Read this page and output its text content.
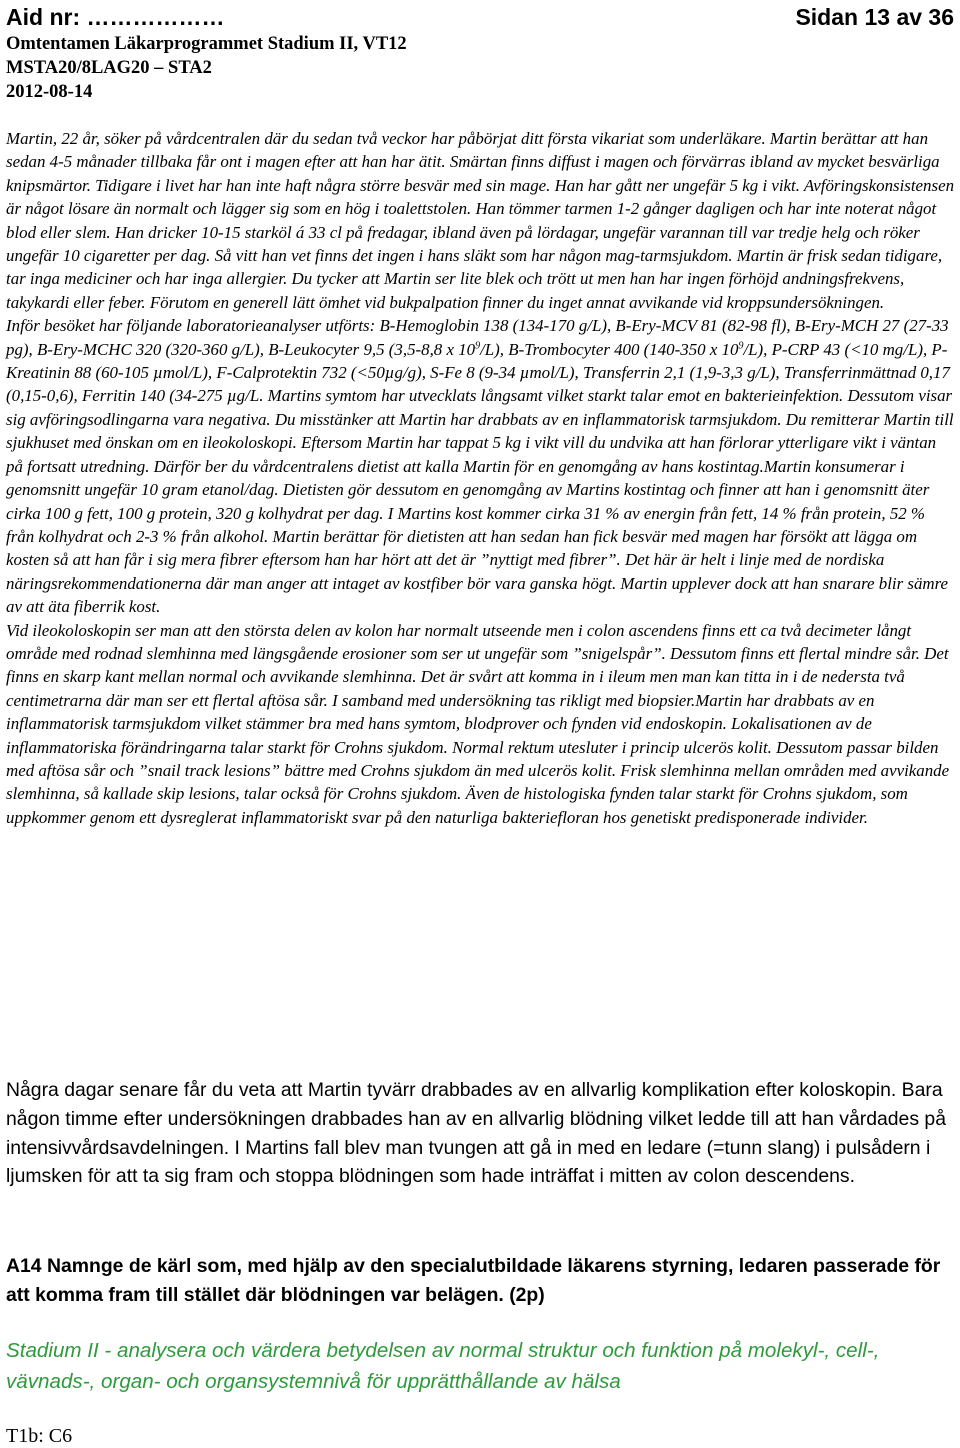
Aid nr: ………………	Sidan 13 av 36
Omtentamen Läkarprogrammet Stadium II, VT12
MSTA20/8LAG20 – STA2
2012-08-14

Martin, 22 år, söker på vårdcentralen där du sedan två veckor har påbörjat ditt första vikariat som underläkare. Martin berättar att han sedan 4-5 månader tillbaka får ont i magen efter att han har ätit. Smärtan finns diffust i magen och förvärras ibland av mycket besvärliga knipsmärtor. Tidigare i livet har han inte haft några större besvär med sin mage. Han har gått ner ungefär 5 kg i vikt. Avföringskonsistensen är något lösare än normalt och lägger sig som en hög i toalettstolen. Han tömmer tarmen 1-2 gånger dagligen och har inte noterat något blod eller slem. Han dricker 10-15 starköl á 33 cl på fredagar, ibland även på lördagar, ungefär varannan till var tredje helg och röker ungefär 10 cigaretter per dag. Så vitt han vet finns det ingen i hans släkt som har någon mag-tarmsjukdom. Martin är frisk sedan tidigare, tar inga mediciner och har inga allergier. Du tycker att Martin ser lite blek och trött ut men han har ingen förhöjd andningsfrekvens, takykardi eller feber. Förutom en generell lätt ömhet vid bukpalpation finner du inget annat avvikande vid kroppsundersökningen.

Inför besöket har följande laboratorieanalyser utförts: B-Hemoglobin 138 (134-170 g/L), B-Ery-MCV 81 (82-98 fl), B-Ery-MCH 27 (27-33 pg), B-Ery-MCHC 320 (320-360 g/L), B-Leukocyter 9,5 (3,5-8,8 x $10^9/L$), B-Trombocyter 400 (140-350 x $10^9/L$), P-CRP 43 (<10 mg/L), P-Kreatinin 88 (60-105 µmol/L), F-Calprotektin 732 (<50µg/g), S-Fe 8 (9-34 µmol/L), Transferrin 2,1 (1,9-3,3 g/L), Transferrinmättnad 0,17 (0,15-0,6), Ferritin 140 (34-275 µg/L. Martins symtom har utvecklats långsamt vilket starkt talar emot en bakterieinfektion. Dessutom visar sig avföringsodlingarna vara negativa. Du misstänker att Martin har drabbats av en inflammatorisk tarmsjukdom. Du remitterar Martin till sjukhuset med önskan om en ileokoloskopi. Eftersom Martin har tappat 5 kg i vikt vill du undvika att han förlorar ytterligare vikt i väntan på fortsatt utredning. Därför ber du vårdcentralens dietist att kalla Martin för en genomgång av hans kostintag.Martin konsumerar i genomsnitt ungefär 10 gram etanol/dag. Dietisten gör dessutom en genomgång av Martins kostintag och finner att han i genomsnitt äter cirka 100 g fett, 100 g protein, 320 g kolhydrat per dag. I Martins kost kommer cirka 31 % av energin från fett, 14 % från protein, 52 % från kolhydrat och 2-3 % från alkohol. Martin berättar för dietisten att han sedan han fick besvär med magen har försökt att lägga om kosten så att han får i sig mera fibrer eftersom han har hört att det är ”nyttigt med fibrer”. Det här är helt i linje med de nordiska näringsrekommendationerna där man anger att intaget av kostfiber bör vara ganska högt. Martin upplever dock att han snarare blir sämre av att äta fiberrik kost.

Vid ileokoloskopin ser man att den största delen av kolon har normalt utseende men i colon ascendens finns ett ca två decimeter långt område med rodnad slemhinna med längsgående erosioner som ser ut ungefär som ”snigelspår”. Dessutom finns ett flertal mindre sår. Det finns en skarp kant mellan normal och avvikande slemhinna. Det är svårt att komma in i ileum men man kan titta in i de nedersta två centimetrarna där man ser ett flertal aftösa sår. I samband med undersökning tas rikligt med biopsier.Martin har drabbats av en inflammatorisk tarmsjukdom vilket stämmer bra med hans symtom, blodprover och fynden vid endoskopin. Lokalisationen av de inflammatoriska förändringarna talar starkt för Crohns sjukdom. Normal rektum utesluter i princip ulcerös kolit. Dessutom passar bilden med aftösa sår och ”snail track lesions” bättre med Crohns sjukdom än med ulcerös kolit. Frisk slemhinna mellan områden med avvikande slemhinna, så kallade skip lesions, talar också för Crohns sjukdom. Även de histologiska fynden talar starkt för Crohns sjukdom, som uppkommer genom ett dysreglerat inflammatoriskt svar på den naturliga bakteriefloran hos genetiskt predisponerade individer.

Några dagar senare får du veta att Martin tyvärr drabbades av en allvarlig komplikation efter koloskopin. Bara någon timme efter undersökningen drabbades han av en allvarlig blödning vilket ledde till att han vårdades på intensivvårdsavdelningen. I Martins fall blev man tvungen att gå in med en ledare (=tunn slang) i pulsådern i ljumsken för att ta sig fram och stoppa blödningen som hade inträffat i mitten av colon descendens.
A14 Namnge de kärl som, med hjälp av den specialutbildade läkarens styrning, ledaren passerade för att komma fram till stället där blödningen var belägen. (2p)
Stadium II - analysera och värdera betydelsen av normal struktur och funktion på molekyl-, cell-, vävnads-, organ- och organsystemnivå för upprätthållande av hälsa
T1b: C6
